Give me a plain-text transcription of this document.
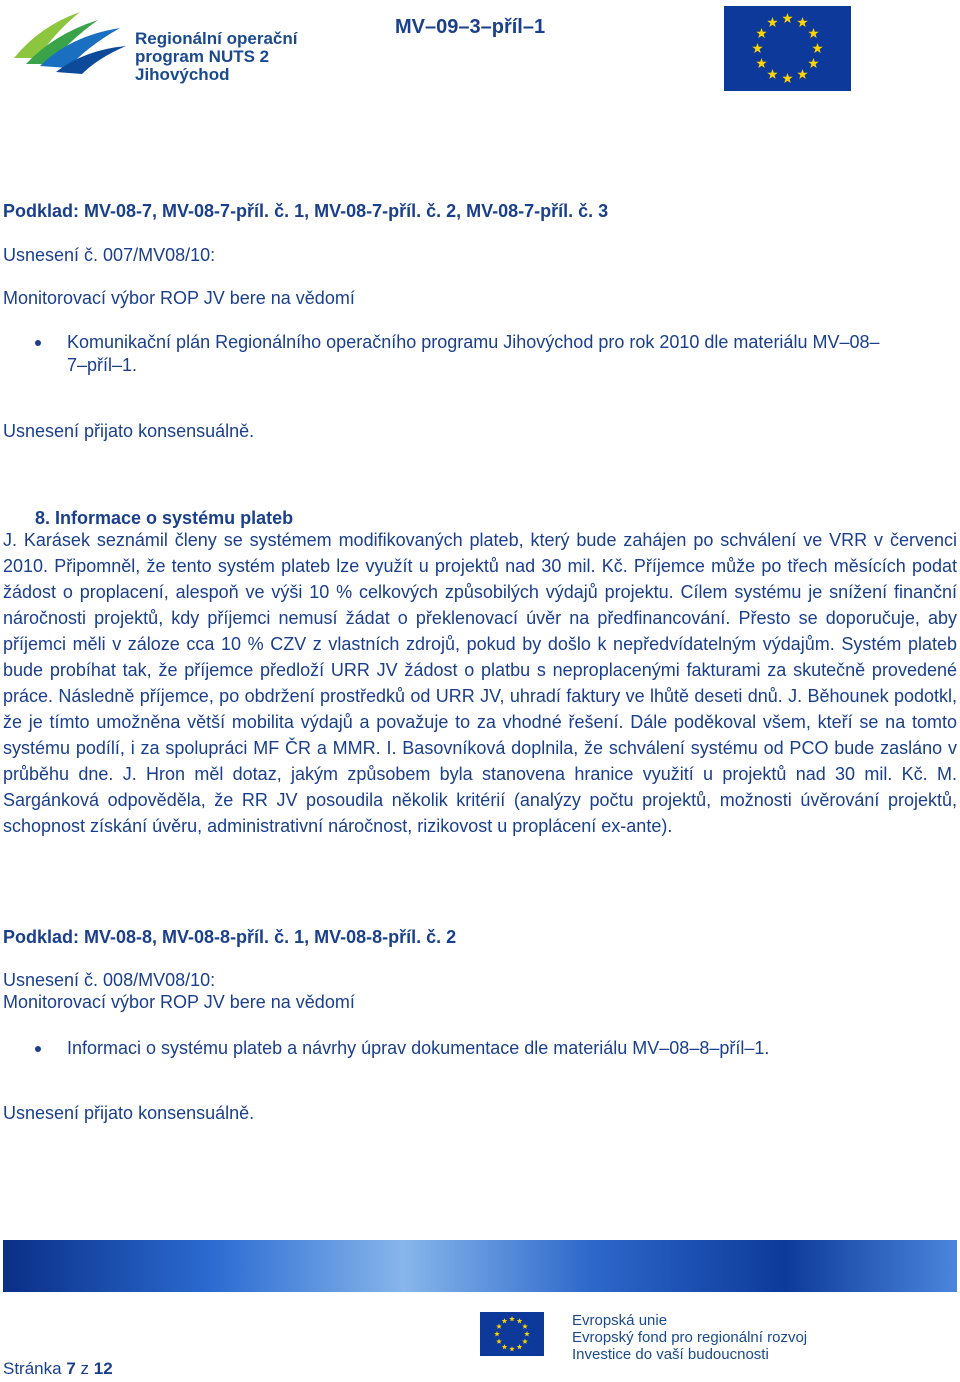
Regionální operační
program NUTS 2
Jihovýchod
MV–09–3–příl–1
Podklad: MV-08-7, MV-08-7-příl. č. 1, MV-08-7-příl. č. 2, MV-08-7-příl. č. 3
Usnesení č. 007/MV08/10:
Monitorovací výbor ROP JV bere na vědomí
Komunikační plán Regionálního operačního programu Jihovýchod pro rok 2010 dle materiálu MV–08–
7–příl–1.
Usnesení přijato konsensuálně.
8. Informace o systému plateb
J. Karásek seznámil členy se systémem modifikovaných plateb, který bude zahájen po schválení ve VRR v červenci 2010. Připomněl, že tento systém plateb lze využít u projektů nad 30 mil. Kč. Příjemce může po třech měsících podat žádost o proplacení, alespoň ve výši 10 % celkových způsobilých výdajů projektu. Cílem systému je snížení finanční náročnosti projektů, kdy příjemci nemusí žádat o překlenovací úvěr na předfinancování. Přesto se doporučuje, aby příjemci měli v záloze cca 10 % CZV z vlastních zdrojů, pokud by došlo k nepředvídatelným výdajům. Systém plateb bude probíhat tak, že příjemce předloží URR JV žádost o platbu s neproplacenými fakturami za skutečně provedené práce. Následně příjemce, po obdržení prostředků od URR JV, uhradí faktury ve lhůtě deseti dnů. J. Běhounek podotkl, že je tímto umožněna větší mobilita výdajů a považuje to za vhodné řešení. Dále poděkoval všem, kteří se na tomto systému podílí, i za spolupráci MF ČR a MMR. I. Basovníková doplnila, že schválení systému od PCO bude zasláno v průběhu dne. J. Hron měl dotaz, jakým způsobem byla stanovena hranice využití u projektů nad 30 mil. Kč. M. Sargánková odpověděla, že RR JV posoudila několik kritérií (analýzy počtu projektů, možnosti úvěrování projektů, schopnost získání úvěru, administrativní náročnost, rizikovost u proplácení ex-ante).
Podklad: MV-08-8, MV-08-8-příl. č. 1, MV-08-8-příl. č. 2
Usnesení č. 008/MV08/10:
Monitorovací výbor ROP JV bere na vědomí
Informaci o systému plateb a návrhy úprav dokumentace dle materiálu MV–08–8–příl–1.
Usnesení přijato konsensuálně.
Evropská unie
Evropský fond pro regionální rozvoj
Investice do vaší budoucnosti
Stránka 7 z 12
